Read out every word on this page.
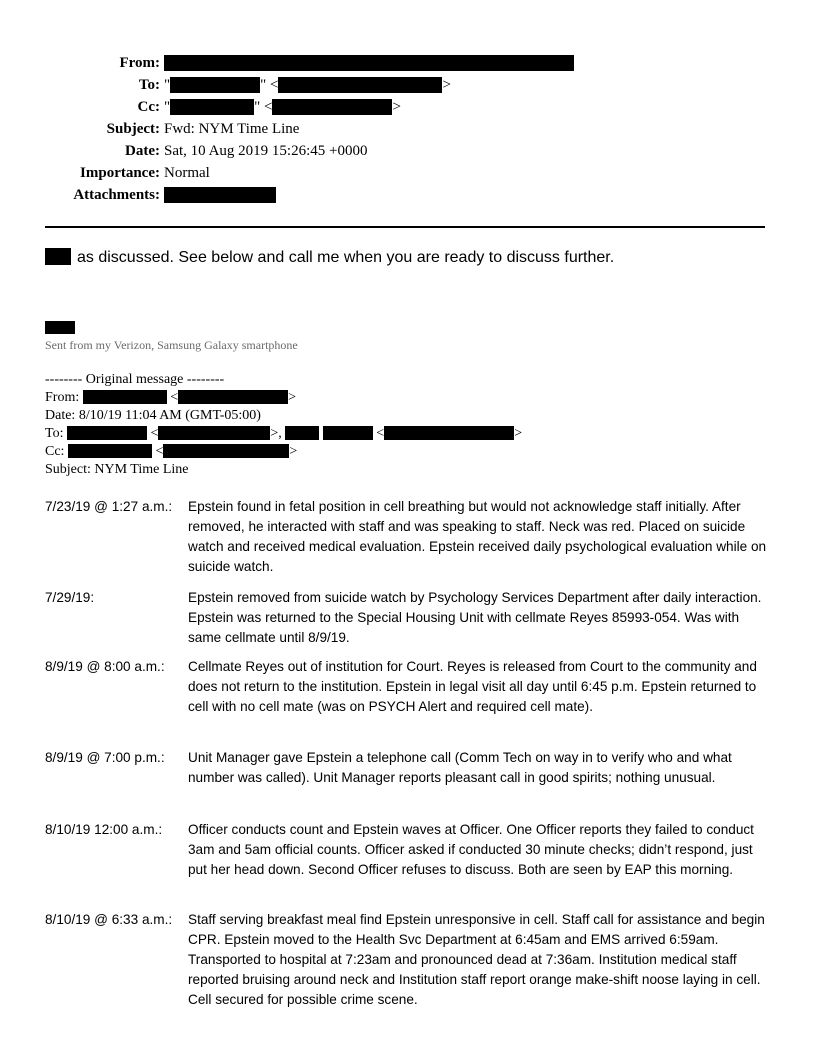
From:
To: "	" <	>
Cc: "	" <	>
Subject: Fwd: NYM Time Line
Date: Sat, 10 Aug 2019 15:26:45 +0000
Importance: Normal
Attachments:
as discussed. See below and call me when you are ready to discuss further.
Sent from my Verizon, Samsung Galaxy smartphone
-------- Original message --------
From:	<	>
Date: 8/10/19 11:04 AM (GMT-05:00)
To:	<	>,	<	>
Cc:	<	>
Subject: NYM Time Line
7/23/19 @ 1:27 a.m.: Epstein found in fetal position in cell breathing but would not acknowledge staff initially. After removed, he interacted with staff and was speaking to staff. Neck was red. Placed on suicide watch and received medical evaluation. Epstein received daily psychological evaluation while on suicide watch.
7/29/19:	Epstein removed from suicide watch by Psychology Services Department after daily interaction. Epstein was returned to the Special Housing Unit with cellmate Reyes 85993-054. Was with same cellmate until 8/9/19.
8/9/19 @ 8:00 a.m.: Cellmate Reyes out of institution for Court. Reyes is released from Court to the community and does not return to the institution. Epstein in legal visit all day until 6:45 p.m. Epstein returned to cell with no cell mate (was on PSYCH Alert and required cell mate).
8/9/19 @ 7:00 p.m.: Unit Manager gave Epstein a telephone call (Comm Tech on way in to verify who and what number was called). Unit Manager reports pleasant call in good spirits; nothing unusual.
8/10/19 12:00 a.m.: Officer conducts count and Epstein waves at Officer. One Officer reports they failed to conduct 3am and 5am official counts. Officer asked if conducted 30 minute checks; didn’t respond, just put her head down. Second Officer refuses to discuss. Both are seen by EAP this morning.
8/10/19 @ 6:33 a.m.: Staff serving breakfast meal find Epstein unresponsive in cell. Staff call for assistance and begin CPR. Epstein moved to the Health Svc Department at 6:45am and EMS arrived 6:59am. Transported to hospital at 7:23am and pronounced dead at 7:36am. Institution medical staff reported bruising around neck and Institution staff report orange make-shift noose laying in cell. Cell secured for possible crime scene.
